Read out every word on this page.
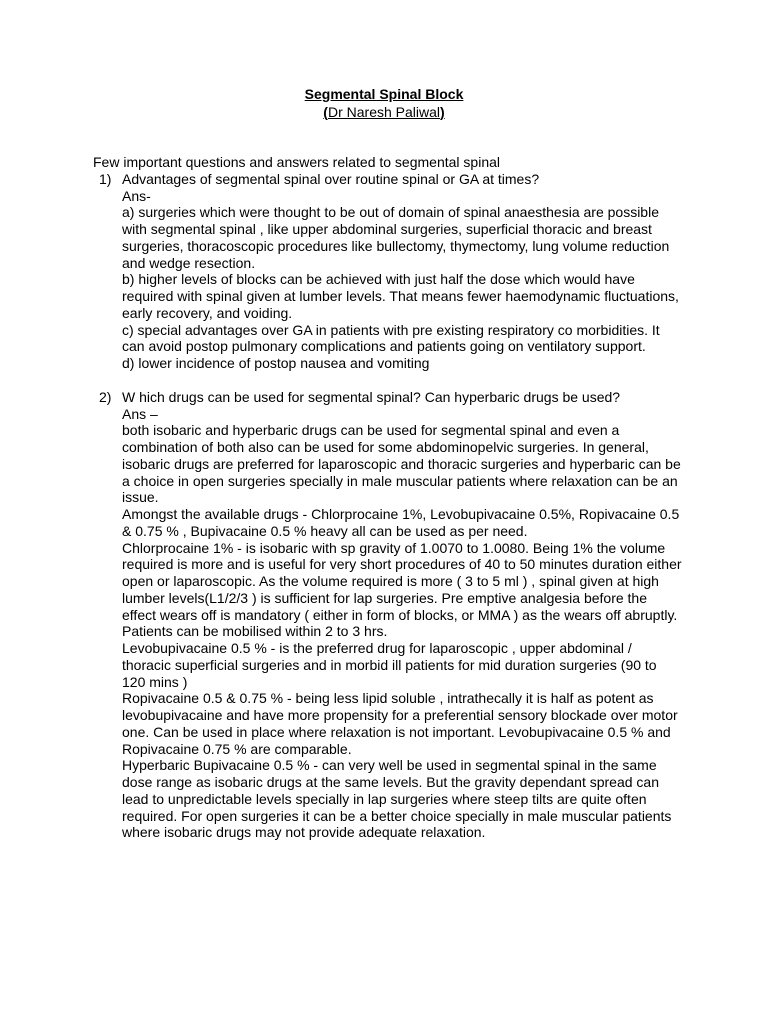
Segmental Spinal Block
(Dr Naresh Paliwal)

Few important questions and answers related to segmental spinal

1) Advantages of segmental spinal over routine spinal or GA at times?

Ans-

a) surgeries which were thought to be out of domain of spinal anaesthesia are possible with segmental spinal , like upper abdominal surgeries, superficial thoracic and breast surgeries, thoracoscopic procedures like bullectomy, thymectomy, lung volume reduction and wedge resection.

b) higher levels of blocks can be achieved with just half the dose which would have required with spinal given at lumber levels. That means fewer haemodynamic fluctuations, early recovery, and voiding.

c) special advantages over GA in patients with pre existing respiratory co morbidities. It can avoid postop pulmonary complications and patients going on ventilatory support.

d) lower incidence of postop nausea and vomiting

2) W hich drugs can be used for segmental spinal? Can hyperbaric drugs be used?

Ans –

both isobaric and hyperbaric drugs can be used for segmental spinal and even a combination of both also can be used for some abdominopelvic surgeries. In general, isobaric drugs are preferred for laparoscopic and thoracic surgeries and hyperbaric can be a choice in open surgeries specially in male muscular patients where relaxation can be an issue.

Amongst the available drugs - Chlorprocaine 1%, Levobupivacaine 0.5%, Ropivacaine 0.5 & 0.75 % , Bupivacaine 0.5 % heavy all can be used as per need.

Chlorprocaine 1% - is isobaric with sp gravity of 1.0070 to 1.0080. Being 1% the volume required is more and is useful for very short procedures of 40 to 50 minutes duration either open or laparoscopic. As the volume required is more ( 3 to 5 ml ) , spinal given at high lumber levels(L1/2/3 ) is sufficient for lap surgeries. Pre emptive analgesia before the effect wears off is mandatory ( either in form of blocks, or MMA ) as the wears off abruptly. Patients can be mobilised within 2 to 3 hrs.

Levobupivacaine 0.5 % - is the preferred drug for laparoscopic , upper abdominal / thoracic superficial surgeries and in morbid ill patients for mid duration surgeries (90 to 120 mins )

Ropivacaine 0.5 & 0.75 % - being less lipid soluble , intrathecally it is half as potent as levobupivacaine and have more propensity for a preferential sensory blockade over motor one. Can be used in place where relaxation is not important. Levobupivacaine 0.5 % and Ropivacaine 0.75 % are comparable.

Hyperbaric Bupivacaine 0.5 % - can very well be used in segmental spinal in the same dose range as isobaric drugs at the same levels. But the gravity dependant spread can lead to unpredictable levels specially in lap surgeries where steep tilts are quite often required. For open surgeries it can be a better choice specially in male muscular patients where isobaric drugs may not provide adequate relaxation.
